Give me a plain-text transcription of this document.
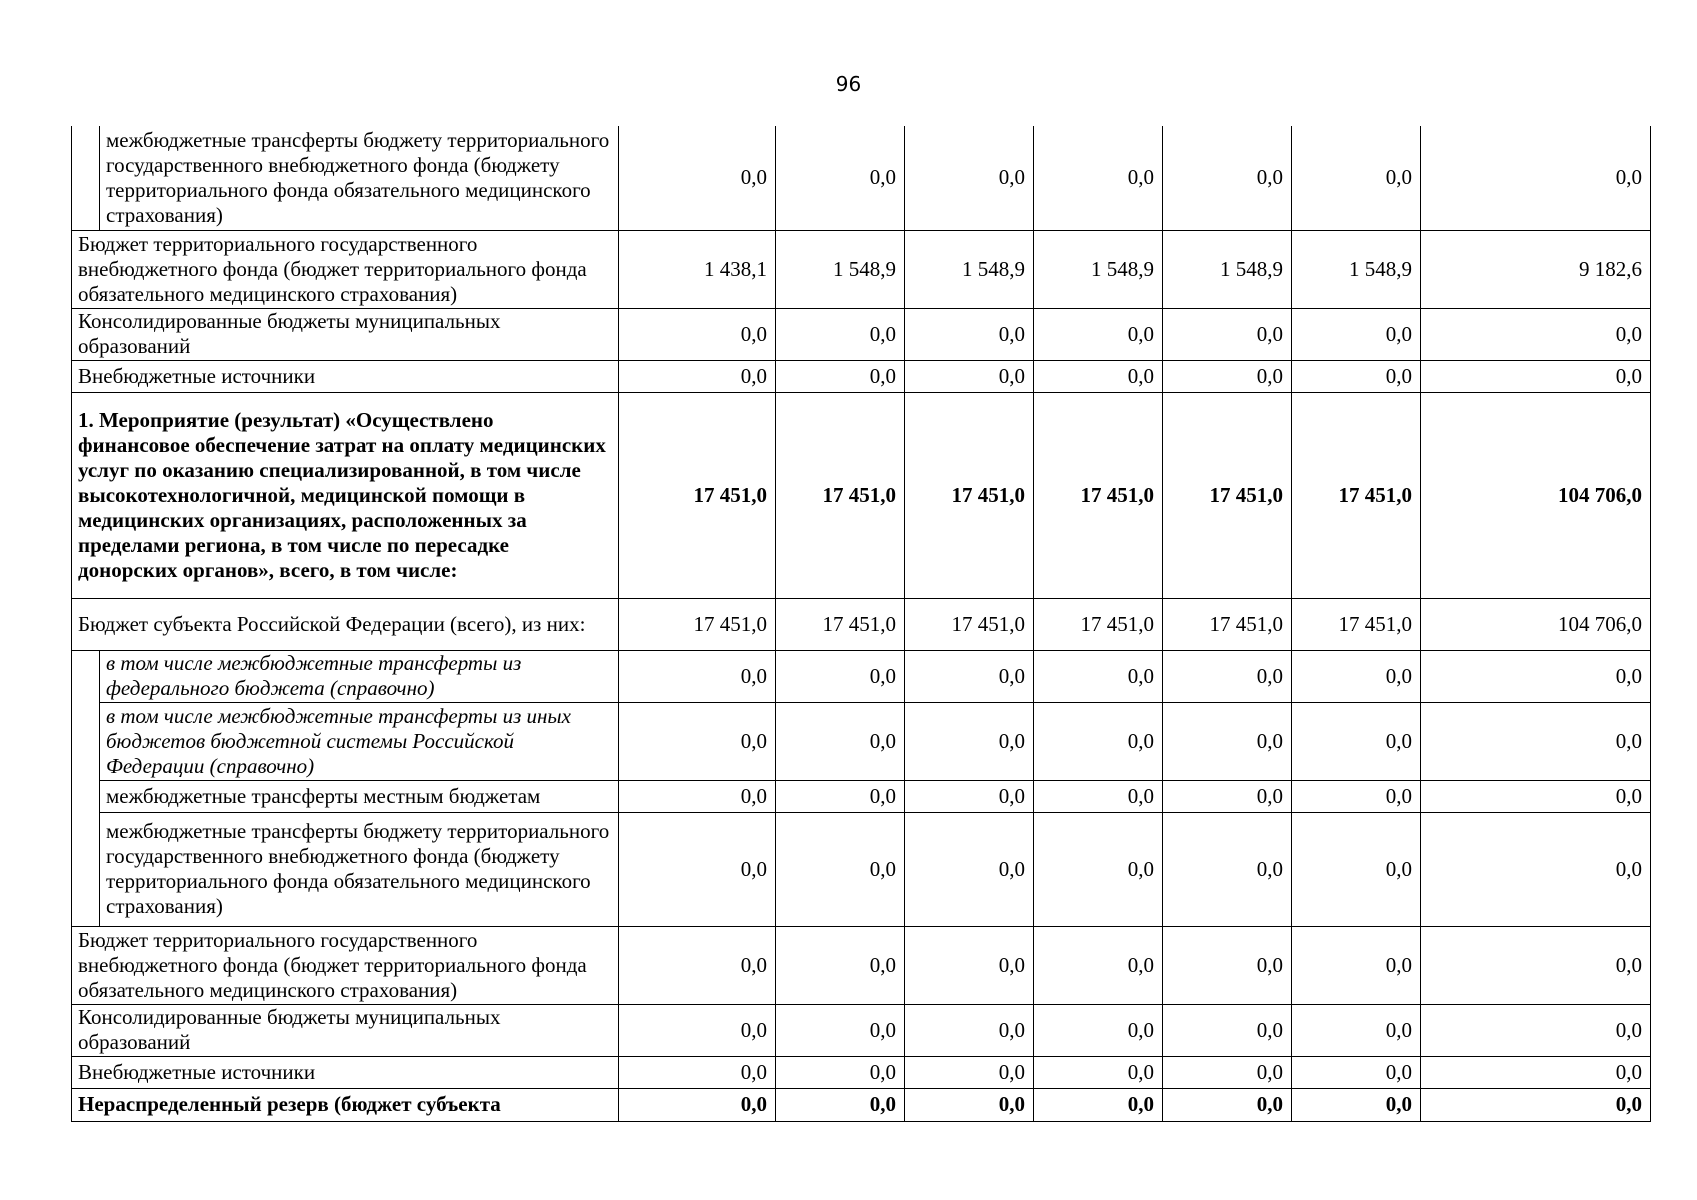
96
	межбюджетные трансферты бюджету территориального государственного внебюджетного фонда (бюджету территориального фонда обязательного медицинского страхования)	0,0	0,0	0,0	0,0	0,0	0,0	0,0
Бюджет территориального государственного внебюджетного фонда (бюджет территориального фонда обязательного медицинского страхования)		1 438,1	1 548,9	1 548,9	1 548,9	1 548,9	1 548,9	9 182,6
Консолидированные бюджеты муниципальных образований		0,0	0,0	0,0	0,0	0,0	0,0	0,0
Внебюджетные источники		0,0	0,0	0,0	0,0	0,0	0,0	0,0
1. Мероприятие (результат) «Осуществлено финансовое обеспечение затрат на оплату медицинских услуг по оказанию специализированной, в том числе высокотехнологичной, медицинской помощи в медицинских организациях, расположенных за пределами региона, в том числе по пересадке донорских органов», всего, в том числе:		17 451,0	17 451,0	17 451,0	17 451,0	17 451,0	17 451,0	104 706,0
Бюджет субъекта Российской Федерации (всего), из них:		17 451,0	17 451,0	17 451,0	17 451,0	17 451,0	17 451,0	104 706,0
	в том числе межбюджетные трансферты из федерального бюджета (справочно)	0,0	0,0	0,0	0,0	0,0	0,0	0,0
	в том числе межбюджетные трансферты из иных бюджетов бюджетной системы Российской Федерации (справочно)	0,0	0,0	0,0	0,0	0,0	0,0	0,0
	межбюджетные трансферты местным бюджетам	0,0	0,0	0,0	0,0	0,0	0,0	0,0
	межбюджетные трансферты бюджету территориального государственного внебюджетного фонда (бюджету территориального фонда обязательного медицинского страхования)	0,0	0,0	0,0	0,0	0,0	0,0	0,0
Бюджет территориального государственного внебюджетного фонда (бюджет территориального фонда обязательного медицинского страхования)		0,0	0,0	0,0	0,0	0,0	0,0	0,0
Консолидированные бюджеты муниципальных образований		0,0	0,0	0,0	0,0	0,0	0,0	0,0
Внебюджетные источники		0,0	0,0	0,0	0,0	0,0	0,0	0,0
Нераспределенный резерв (бюджет субъекта		0,0	0,0	0,0	0,0	0,0	0,0	0,0
